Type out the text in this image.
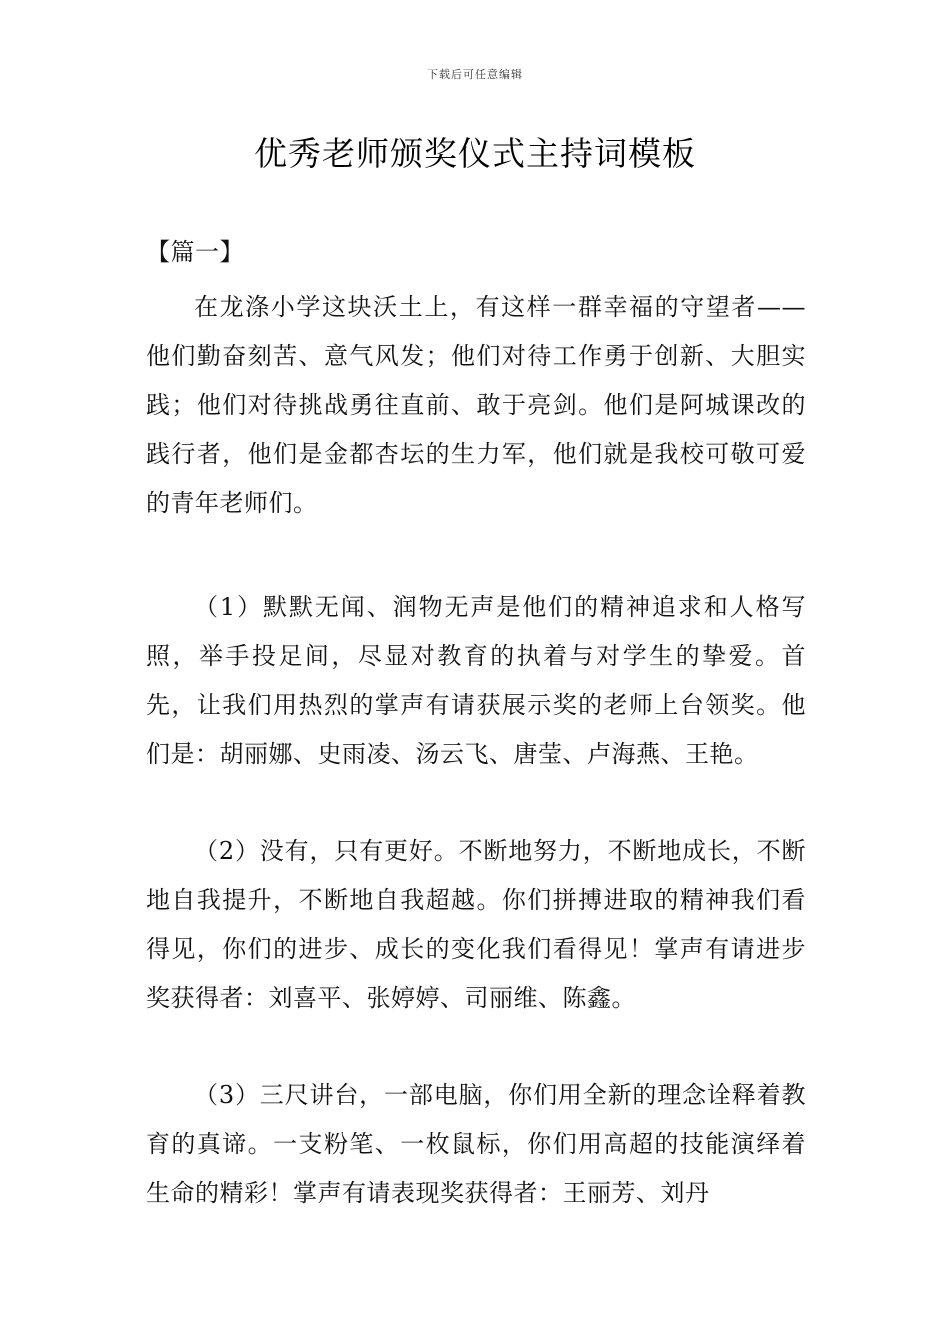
下载后可任意编辑
优秀老师颁奖仪式主持词模板

【篇一】

在龙涤小学这块沃土上，有这样一群幸福的守望者——他们勤奋刻苦、意气风发；他们对待工作勇于创新、大胆实践；他们对待挑战勇往直前、敢于亮剑。他们是阿城课改的践行者，他们是金都杏坛的生力军，他们就是我校可敬可爱的青年老师们。

（1）默默无闻、润物无声是他们的精神追求和人格写照，举手投足间，尽显对教育的执着与对学生的挚爱。首先，让我们用热烈的掌声有请获展示奖的老师上台领奖。他们是：胡丽娜、史雨凌、汤云飞、唐莹、卢海燕、王艳。

（2）没有，只有更好。不断地努力，不断地成长，不断地自我提升，不断地自我超越。你们拼搏进取的精神我们看得见，你们的进步、成长的变化我们看得见！掌声有请进步奖获得者：刘喜平、张婷婷、司丽维、陈鑫。

（3）三尺讲台，一部电脑，你们用全新的理念诠释着教育的真谛。一支粉笔、一枚鼠标，你们用高超的技能演绎着生命的精彩！掌声有请表现奖获得者：王丽芳、刘丹
